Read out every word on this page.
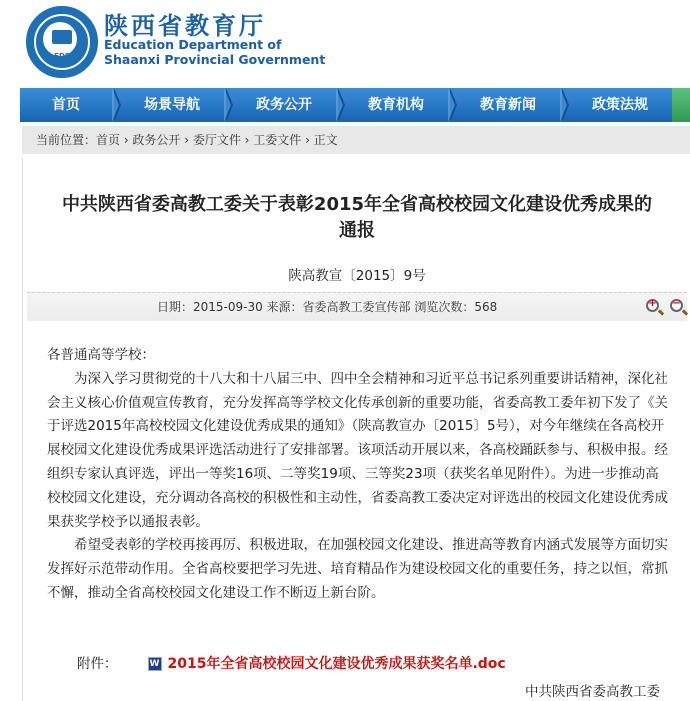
EDS
陕西省教育厅
Education Department of
Shaanxi Provincial Government
首页	场景导航	政务公开	教育机构	教育新闻	政策法规
当前位置：首页 › 政务公开 › 委厅文件 › 工委文件 › 正文
中共陕西省委高教工委关于表彰2015年全省高校校园文化建设优秀成果的
通报
陕高教宣〔2015〕9号
日期：2015-09-30 来源：省委高教工委宣传部 浏览次数：568	+ −

各普通高等学校：

为深入学习贯彻党的十八大和十八届三中、四中全会精神和习近平总书记系列重要讲话精神，深化社会主义核心价值观宣传教育，充分发挥高等学校文化传承创新的重要功能，省委高教工委年初下发了《关于评选2015年高校校园文化建设优秀成果的通知》（陕高教宣办〔2015〕5号），对今年继续在各高校开展校园文化建设优秀成果评选活动进行了安排部署。该项活动开展以来，各高校踊跃参与、积极申报。经组织专家认真评选，评出一等奖16项、二等奖19项、三等奖23项（获奖名单见附件）。为进一步推动高校校园文化建设，充分调动各高校的积极性和主动性，省委高教工委决定对评选出的校园文化建设优秀成果获奖学校予以通报表彰。

希望受表彰的学校再接再厉、积极进取，在加强校园文化建设、推进高等教育内涵式发展等方面切实发挥好示范带动作用。全省高校要把学习先进、培育精品作为建设校园文化的重要任务，持之以恒，常抓不懈，推动全省高校校园文化建设工作不断迈上新台阶。

附件：	W 2015年全省高校校园文化建设优秀成果获奖名单.doc
中共陕西省委高教工委
